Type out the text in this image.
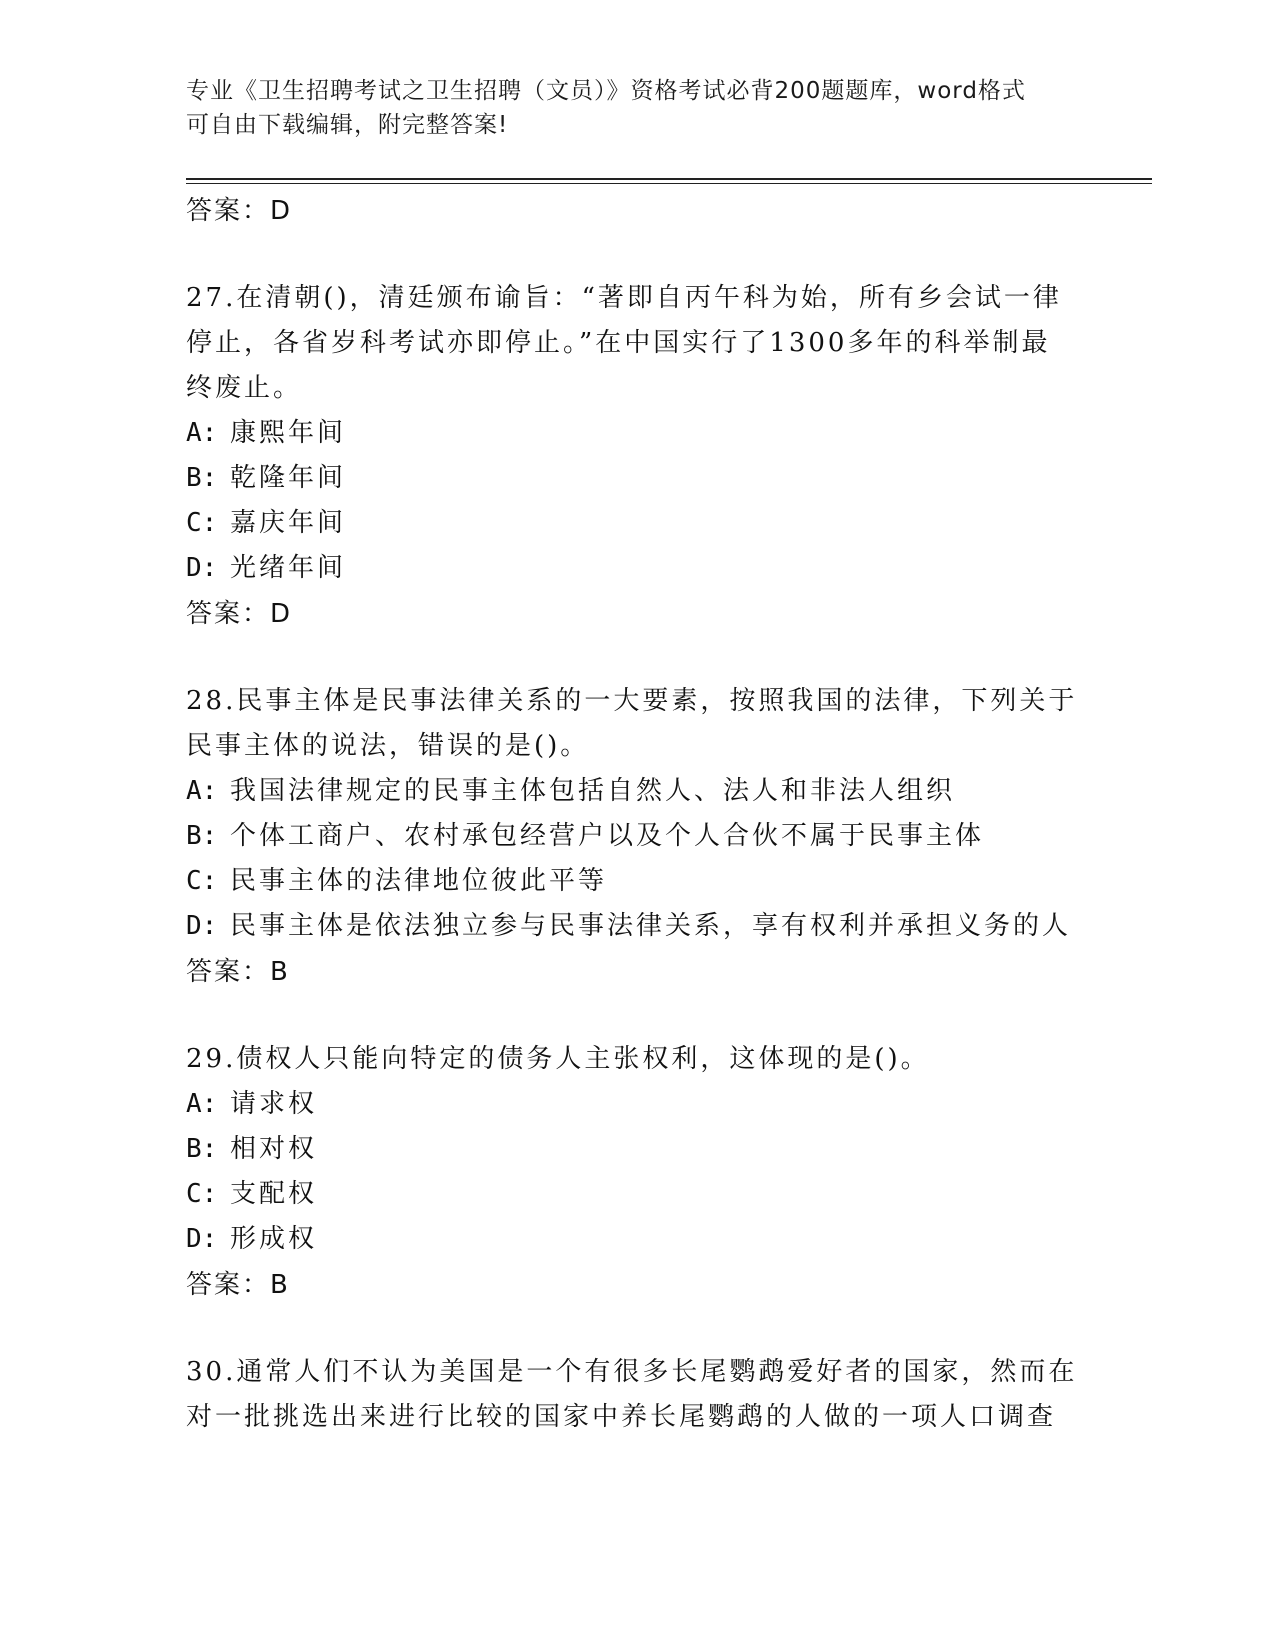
专业《卫生招聘考试之卫生招聘（文员）》资格考试必背200题题库，word格式
可自由下载编辑，附完整答案!
答案：D

27.在清朝()，清廷颁布谕旨：“著即自丙午科为始，所有乡会试一律
停止，各省岁科考试亦即停止。”在中国实行了1300多年的科举制最
终废止。

A: 康熙年间
B: 乾隆年间
C: 嘉庆年间
D: 光绪年间
答案：D

28.民事主体是民事法律关系的一大要素，按照我国的法律，下列关于
民事主体的说法，错误的是()。

A: 我国法律规定的民事主体包括自然人、法人和非法人组织
B: 个体工商户、农村承包经营户以及个人合伙不属于民事主体
C: 民事主体的法律地位彼此平等
D: 民事主体是依法独立参与民事法律关系，享有权利并承担义务的人
答案：B

29.债权人只能向特定的债务人主张权利，这体现的是()。

A: 请求权
B: 相对权
C: 支配权
D: 形成权
答案：B

30.通常人们不认为美国是一个有很多长尾鹦鹉爱好者的国家，然而在
对一批挑选出来进行比较的国家中养长尾鹦鹉的人做的一项人口调查
